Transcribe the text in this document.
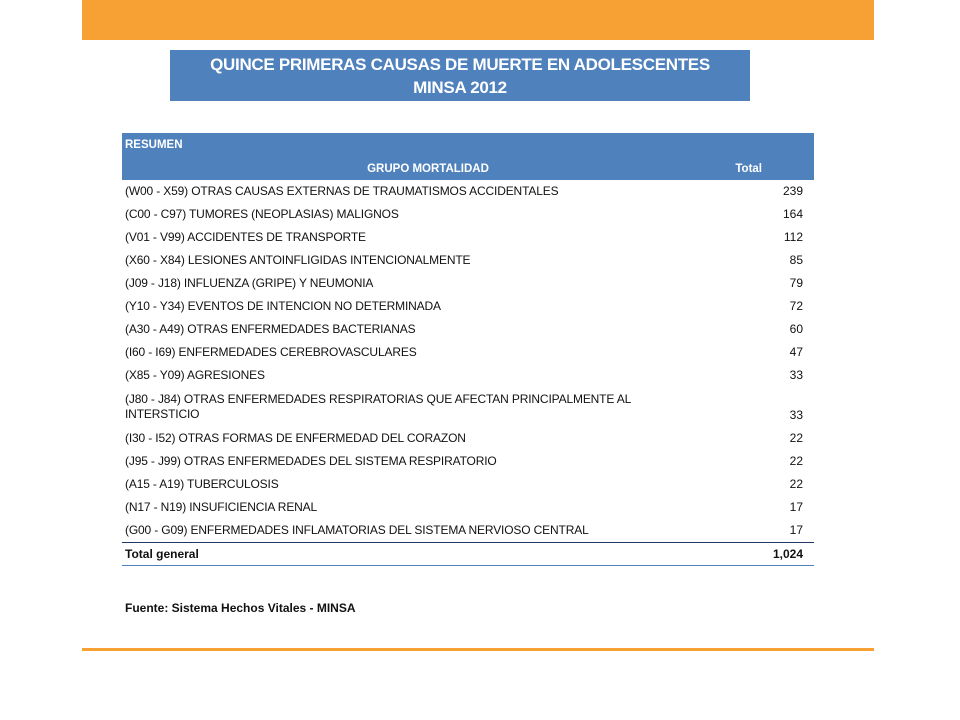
QUINCE PRIMERAS CAUSAS DE MUERTE EN ADOLESCENTES
MINSA 2012
RESUMEN
GRUPO MORTALIDAD	Total
(W00 - X59) OTRAS CAUSAS EXTERNAS DE TRAUMATISMOS ACCIDENTALES	239
(C00 - C97) TUMORES (NEOPLASIAS) MALIGNOS	164
(V01 - V99) ACCIDENTES DE TRANSPORTE	112
(X60 - X84) LESIONES ANTOINFLIGIDAS INTENCIONALMENTE	85
(J09 - J18) INFLUENZA (GRIPE) Y NEUMONIA	79
(Y10 - Y34) EVENTOS DE INTENCION NO DETERMINADA	72
(A30 - A49) OTRAS ENFERMEDADES BACTERIANAS	60
(I60 - I69) ENFERMEDADES CEREBROVASCULARES	47
(X85 - Y09) AGRESIONES	33
(J80 - J84) OTRAS ENFERMEDADES RESPIRATORIAS QUE AFECTAN PRINCIPALMENTE AL INTERSTICIO	33
(I30 - I52) OTRAS FORMAS DE ENFERMEDAD DEL CORAZON	22
(J95 - J99) OTRAS ENFERMEDADES DEL SISTEMA RESPIRATORIO	22
(A15 - A19) TUBERCULOSIS	22
(N17 - N19) INSUFICIENCIA RENAL	17
(G00 - G09) ENFERMEDADES INFLAMATORIAS DEL SISTEMA NERVIOSO CENTRAL	17
Total general	1,024
Fuente: Sistema Hechos Vitales - MINSA
